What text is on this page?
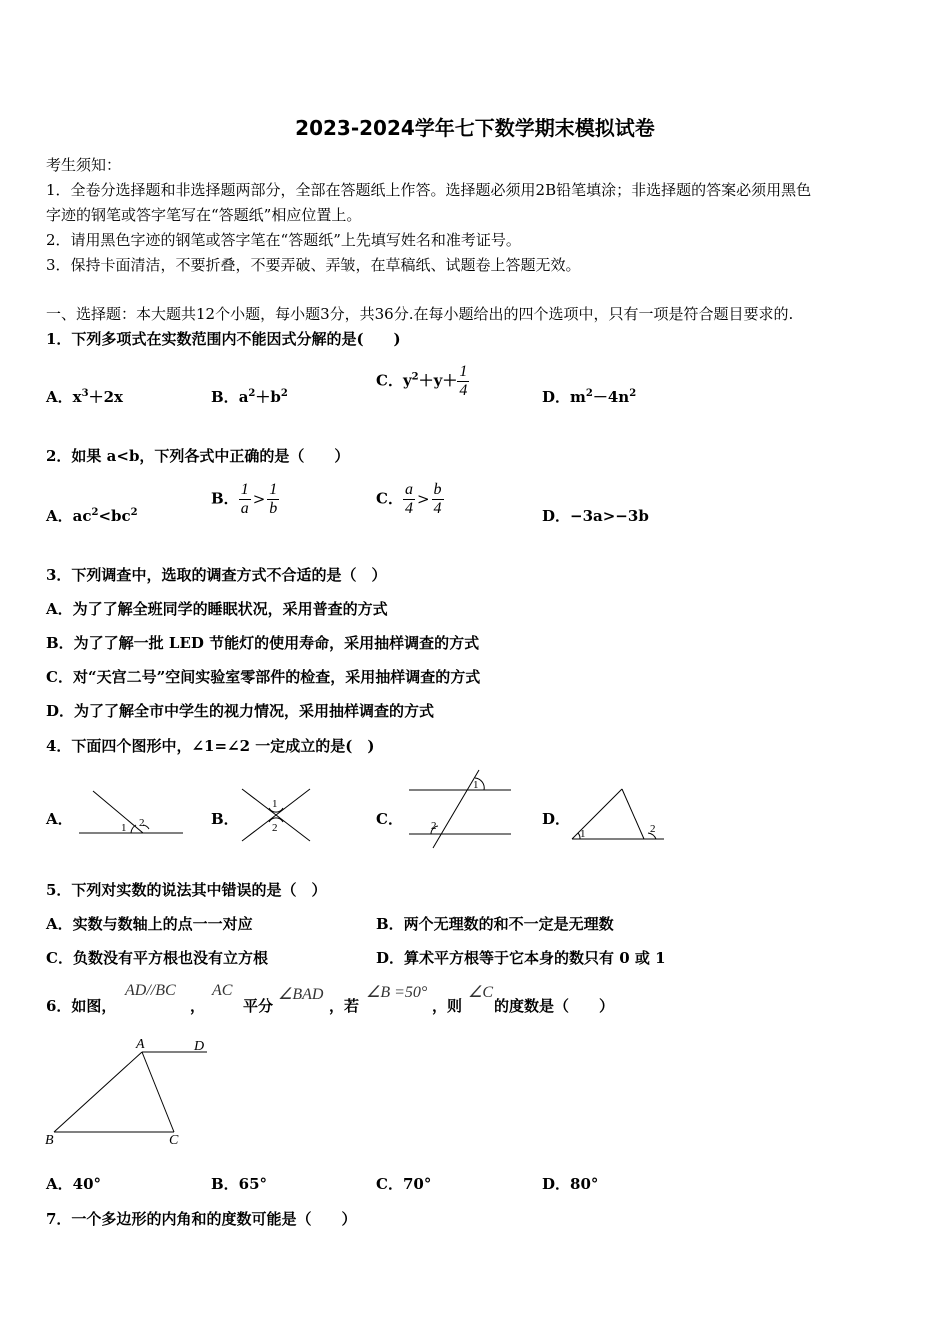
2023-2024学年七下数学期末模拟试卷
考生须知：
1．全卷分选择题和非选择题两部分，全部在答题纸上作答。选择题必须用2B铅笔填涂；非选择题的答案必须用黑色
字迹的钢笔或答字笔写在“答题纸”相应位置上。
2．请用黑色字迹的钢笔或答字笔在“答题纸”上先填写姓名和准考证号。
3．保持卡面清洁，不要折叠，不要弄破、弄皱，在草稿纸、试题卷上答题无效。
一、选择题：本大题共12个小题，每小题3分，共36分.在每小题给出的四个选项中，只有一项是符合题目要求的.
1．下列多项式在实数范围内不能因式分解的是(　　)
A．$x^3+2x$	B．$a^2+b^2$
C．$y^2+y+ \frac{1}{4}$	D．$m^2-4n^2$
2．如果 a<b，下列各式中正确的是（　　）
A．$ac^2<bc^2$
B． $\frac{1}{a} > \frac{1}{b}$	C． $\frac{a}{4} > \frac{b}{4}$	D．−3a>−3b
3．下列调查中，选取的调查方式不合适的是（　）
A．为了了解全班同学的睡眠状况，采用普查的方式
B．为了了解一批 LED 节能灯的使用寿命，采用抽样调查的方式
C．对“天宫二号”空间实验室零部件的检查，采用抽样调查的方式
D．为了了解全市中学生的视力情况，采用抽样调查的方式
4．下面四个图形中，∠1=∠2 一定成立的是(　)
A．	B．	C．	D．
1 2
1
2
1
2
1	2
5．下列对实数的说法其中错误的是（　）
A．实数与数轴上的点一一对应	B．两个无理数的和不一定是无理数
C．负数没有平方根也没有立方根	D．算术平方根等于它本身的数只有 0 或 1
6．如图，
AD//BC
，
AC
平分
∠BAD
，若
∠B =50°
，则
∠C
的度数是（　　）
A	D
B	C
A．40°	B．65°	C．70°	D．80°
7．一个多边形的内角和的度数可能是（　　）
